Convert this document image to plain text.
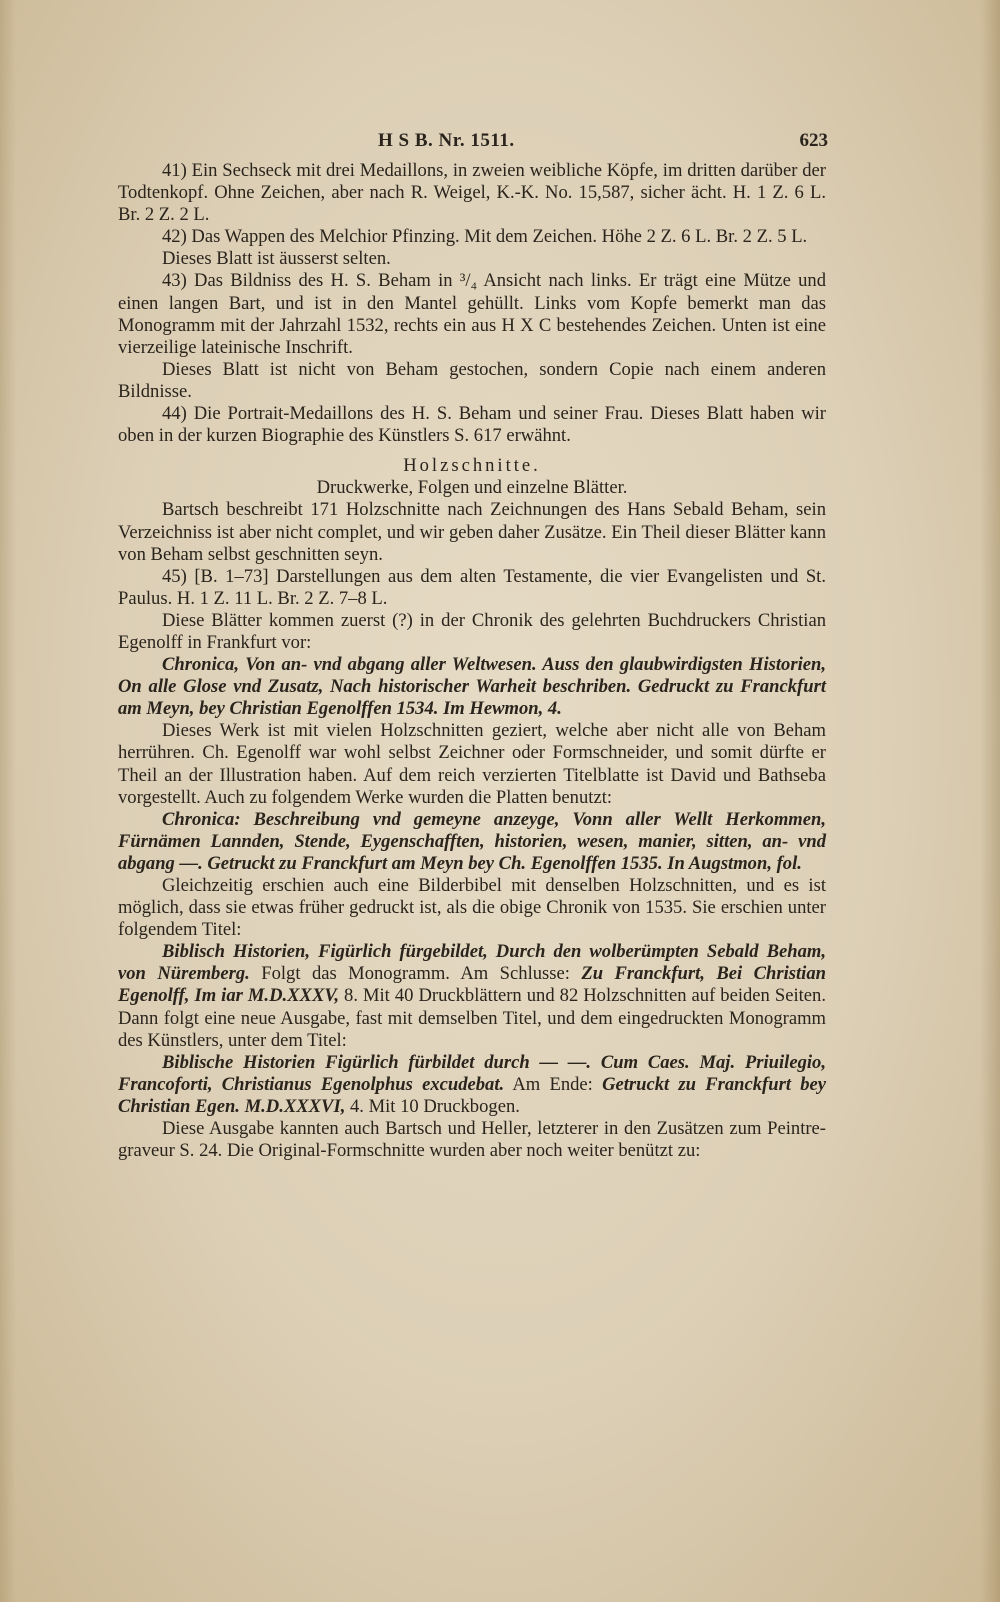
H S B. Nr. 1511.	623

41) Ein Sechseck mit drei Medaillons, in zweien weibliche Köpfe, im dritten darüber der Todtenkopf. Ohne Zeichen, aber nach R. Weigel, K.-K. No. 15,587, sicher ächt. H. 1 Z. 6 L. Br. 2 Z. 2 L.

42) Das Wappen des Melchior Pfinzing. Mit dem Zeichen. Höhe 2 Z. 6 L. Br. 2 Z. 5 L.

Dieses Blatt ist äusserst selten.

43) Das Bildniss des H. S. Beham in ³/₄ Ansicht nach links. Er trägt eine Mütze und einen langen Bart, und ist in den Mantel gehüllt. Links vom Kopfe bemerkt man das Monogramm mit der Jahrzahl 1532, rechts ein aus H X C bestehendes Zeichen. Unten ist eine vierzeilige lateinische Inschrift.

Dieses Blatt ist nicht von Beham gestochen, sondern Copie nach einem anderen Bildnisse.

44) Die Portrait-Medaillons des H. S. Beham und seiner Frau. Dieses Blatt haben wir oben in der kurzen Biographie des Künstlers S. 617 erwähnt.

Holzschnitte.

Druckwerke, Folgen und einzelne Blätter.

Bartsch beschreibt 171 Holzschnitte nach Zeichnungen des Hans Sebald Beham, sein Verzeichniss ist aber nicht complet, und wir geben daher Zusätze. Ein Theil dieser Blätter kann von Beham selbst geschnitten seyn.

45) [B. 1–73] Darstellungen aus dem alten Testamente, die vier Evangelisten und St. Paulus. H. 1 Z. 11 L. Br. 2 Z. 7–8 L.

Diese Blätter kommen zuerst (?) in der Chronik des gelehrten Buchdruckers Christian Egenolff in Frankfurt vor:

Chronica, Von an- vnd abgang aller Weltwesen. Auss den glaubwirdigsten Historien, On alle Glose vnd Zusatz, Nach historischer Warheit beschriben. Gedruckt zu Franckfurt am Meyn, bey Christian Egenolffen 1534. Im Hewmon, 4.

Dieses Werk ist mit vielen Holzschnitten geziert, welche aber nicht alle von Beham herrühren. Ch. Egenolff war wohl selbst Zeichner oder Formschneider, und somit dürfte er Theil an der Illustration haben. Auf dem reich verzierten Titelblatte ist David und Bathseba vorgestellt. Auch zu folgendem Werke wurden die Platten benutzt:

Chronica: Beschreibung vnd gemeyne anzeyge, Vonn aller Wellt Herkommen, Fürnämen Lannden, Stende, Eygenschafften, historien, wesen, manier, sitten, an- vnd abgang —. Getruckt zu Franckfurt am Meyn bey Ch. Egenolffen 1535. In Augstmon, fol.

Gleichzeitig erschien auch eine Bilderbibel mit denselben Holzschnitten, und es ist möglich, dass sie etwas früher gedruckt ist, als die obige Chronik von 1535. Sie erschien unter folgendem Titel:

Biblisch Historien, Figürlich fürgebildet, Durch den wolberümpten Sebald Beham, von Nüremberg. Folgt das Monogramm. Am Schlusse: Zu Franckfurt, Bei Christian Egenolff, Im iar M.D.XXXV, 8. Mit 40 Druckblättern und 82 Holzschnitten auf beiden Seiten. Dann folgt eine neue Ausgabe, fast mit demselben Titel, und dem eingedruckten Monogramm des Künstlers, unter dem Titel:

Biblische Historien Figürlich fürbildet durch — —. Cum Caes. Maj. Priuilegio, Francoforti, Christianus Egenolphus excudebat. Am Ende: Getruckt zu Franckfurt bey Christian Egen. M.D.XXXVI, 4. Mit 10 Druckbogen.

Diese Ausgabe kannten auch Bartsch und Heller, letzterer in den Zusätzen zum Peintre-graveur S. 24. Die Original-Formschnitte wurden aber noch weiter benützt zu:
